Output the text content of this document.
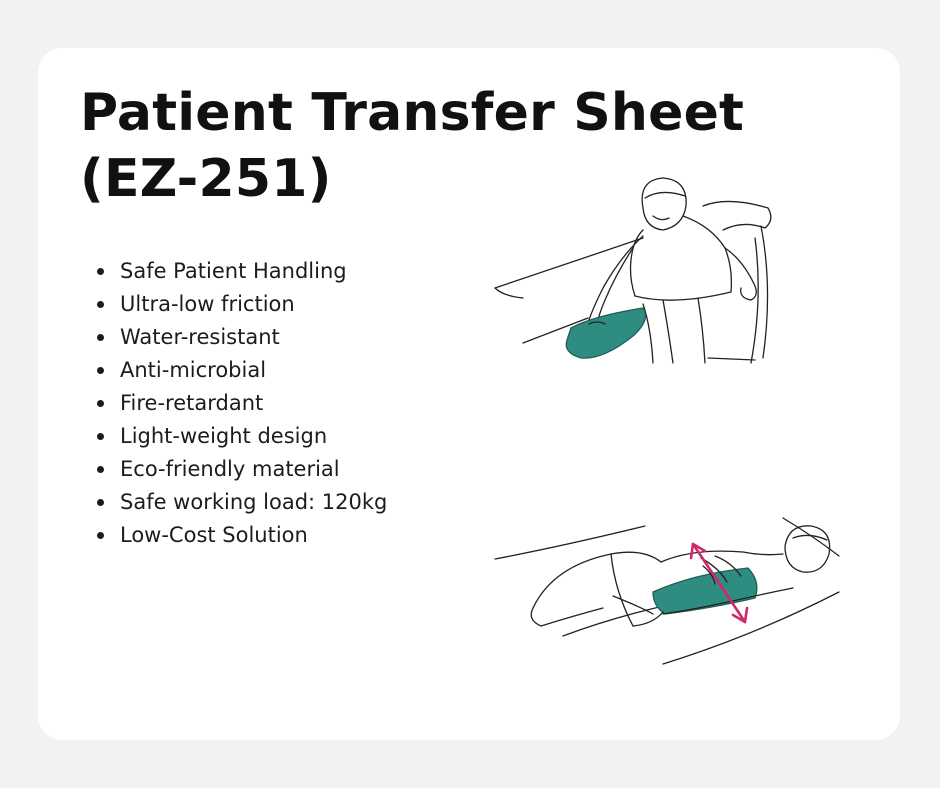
Patient Transfer Sheet
(EZ-251)
Safe Patient Handling
Ultra-low friction
Water-resistant
Anti-microbial
Fire-retardant
Light-weight design
Eco-friendly material
Safe working load: 120kg
Low-Cost Solution
